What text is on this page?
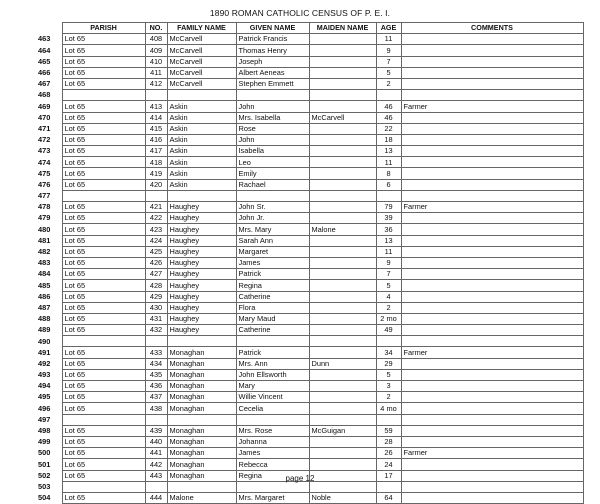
1890 ROMAN CATHOLIC CENSUS OF P. E. I.
	PARISH	NO.	FAMILY NAME	GIVEN NAME	MAIDEN NAME	AGE	COMMENTS
463	Lot 65	408	McCarvell	Patrick Francis		11	
464	Lot 65	409	McCarvell	Thomas Henry		9	
465	Lot 65	410	McCarvell	Joseph		7	
466	Lot 65	411	McCarvell	Albert Aeneas		5	
467	Lot 65	412	McCarvell	Stephen Emmett		2	
468							
469	Lot 65	413	Askin	John		46	Farmer
470	Lot 65	414	Askin	Mrs. Isabella	McCarvell	46	
471	Lot 65	415	Askin	Rose		22	
472	Lot 65	416	Askin	John		18	
473	Lot 65	417	Askin	Isabella		13	
474	Lot 65	418	Askin	Leo		11	
475	Lot 65	419	Askin	Emily		8	
476	Lot 65	420	Askin	Rachael		6	
477							
478	Lot 65	421	Haughey	John Sr.		79	Farmer
479	Lot 65	422	Haughey	John Jr.		39	
480	Lot 65	423	Haughey	Mrs. Mary	Malone	36	
481	Lot 65	424	Haughey	Sarah Ann		13	
482	Lot 65	425	Haughey	Margaret		11	
483	Lot 65	426	Haughey	James		9	
484	Lot 65	427	Haughey	Patrick		7	
485	Lot 65	428	Haughey	Regina		5	
486	Lot 65	429	Haughey	Catherine		4	
487	Lot 65	430	Haughey	Flora		2	
488	Lot 65	431	Haughey	Mary Maud		2 mo	
489	Lot 65	432	Haughey	Catherine		49	
490							
491	Lot 65	433	Monaghan	Patrick		34	Farmer
492	Lot 65	434	Monaghan	Mrs. Ann	Dunn	29	
493	Lot 65	435	Monaghan	John Ellsworth		5	
494	Lot 65	436	Monaghan	Mary		3	
495	Lot 65	437	Monaghan	Willie Vincent		2	
496	Lot 65	438	Monaghan	Cecelia		4 mo	
497							
498	Lot 65	439	Monaghan	Mrs. Rose	McGuigan	59	
499	Lot 65	440	Monaghan	Johanna		28	
500	Lot 65	441	Monaghan	James		26	Farmer
501	Lot 65	442	Monaghan	Rebecca		24	
502	Lot 65	443	Monaghan	Regina		17	
503							
504	Lot 65	444	Malone	Mrs. Margaret	Noble	64	
page 12
